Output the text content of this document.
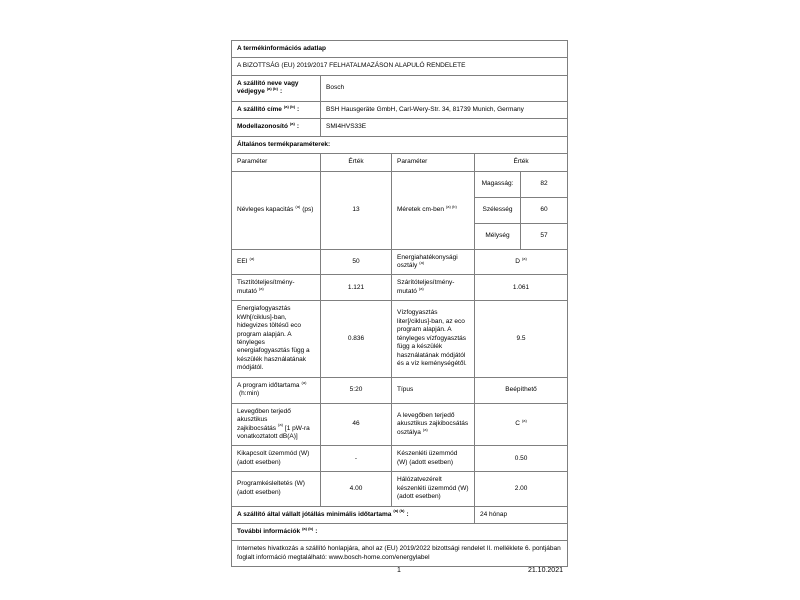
A termékinformációs adatlap				
A BIZOTTSÁG (EU) 2019/2017 FELHATALMAZÁSON ALAPULÓ RENDELETE				
A szállító neve vagy védjegye $^{(a) (b)}$ :	Bosch			
A szállító címe $^{(a) (b)}$ :	BSH Hausgeräte GmbH, Carl-Wery-Str. 34, 81739 Munich, Germany			
Modellazonosító $^{(a)}$ :	SMI4HVS33E			
Általános termékparaméterek:				
Paraméter	Érték	Paraméter	Érték	
Névleges kapacitás $^{(a)}$ (ps)	13	Méretek cm-ben $^{(a) (b)}$	Magasság:	82
			Szélesség	60
			Mélység	57
EEI $^{(a)}$	50	Energiahatékonysági osztály $^{(a)}$	D $^{(a)}$
Tisztítóteljesítmény-mutató $^{(a)}$	1.121	Szárítóteljesítmény-mutató $^{(a)}$	1.061	
Energiafogyasztás kWh[/ciklus]-ban, hidegvizes töltésű eco program alapján. A tényleges energiafogyasztás függ a készülék használatának módjától.	0.836	Vízfogyasztás liter[/ciklus]-ban, az eco program alapján. A tényleges vízfogyasztás függ a készülék használatának módjától és a víz keménységétől.	9.5	
A program időtartama $^{(a)}$(h:min)	5:20	Típus	Beépíthető	
Levegőben terjedő akusztikus zajkibocsátás $^{(a)}$ [1 pW-ra vonatkoztatott dB(A)]	46	A levegőben terjedő akusztikus zajkibocsátás osztálya $^{(a)}$	C $^{(a)}$
Kikapcsolt üzemmód (W) (adott esetben)	-	Készenléti üzemmód (W) (adott esetben)	0.50	
Programkésleltetés (W) (adott esetben)	4.00	Hálózatvezérelt készenléti üzemmód (W) (adott esetben)	2.00	
A szállító által vállalt jótállás minimális időtartama $^{(a) (b)}$ :			24 hónap	
További információk $^{(a) (b)}$ :				
Internetes hivatkozás a szállító honlapjára, ahol az (EU) 2019/2022 bizottsági rendelet II. melléklete 6. pontjában foglalt információ megtalálható: www.bosch-home.com/energylabel				
1	21.10.2021
